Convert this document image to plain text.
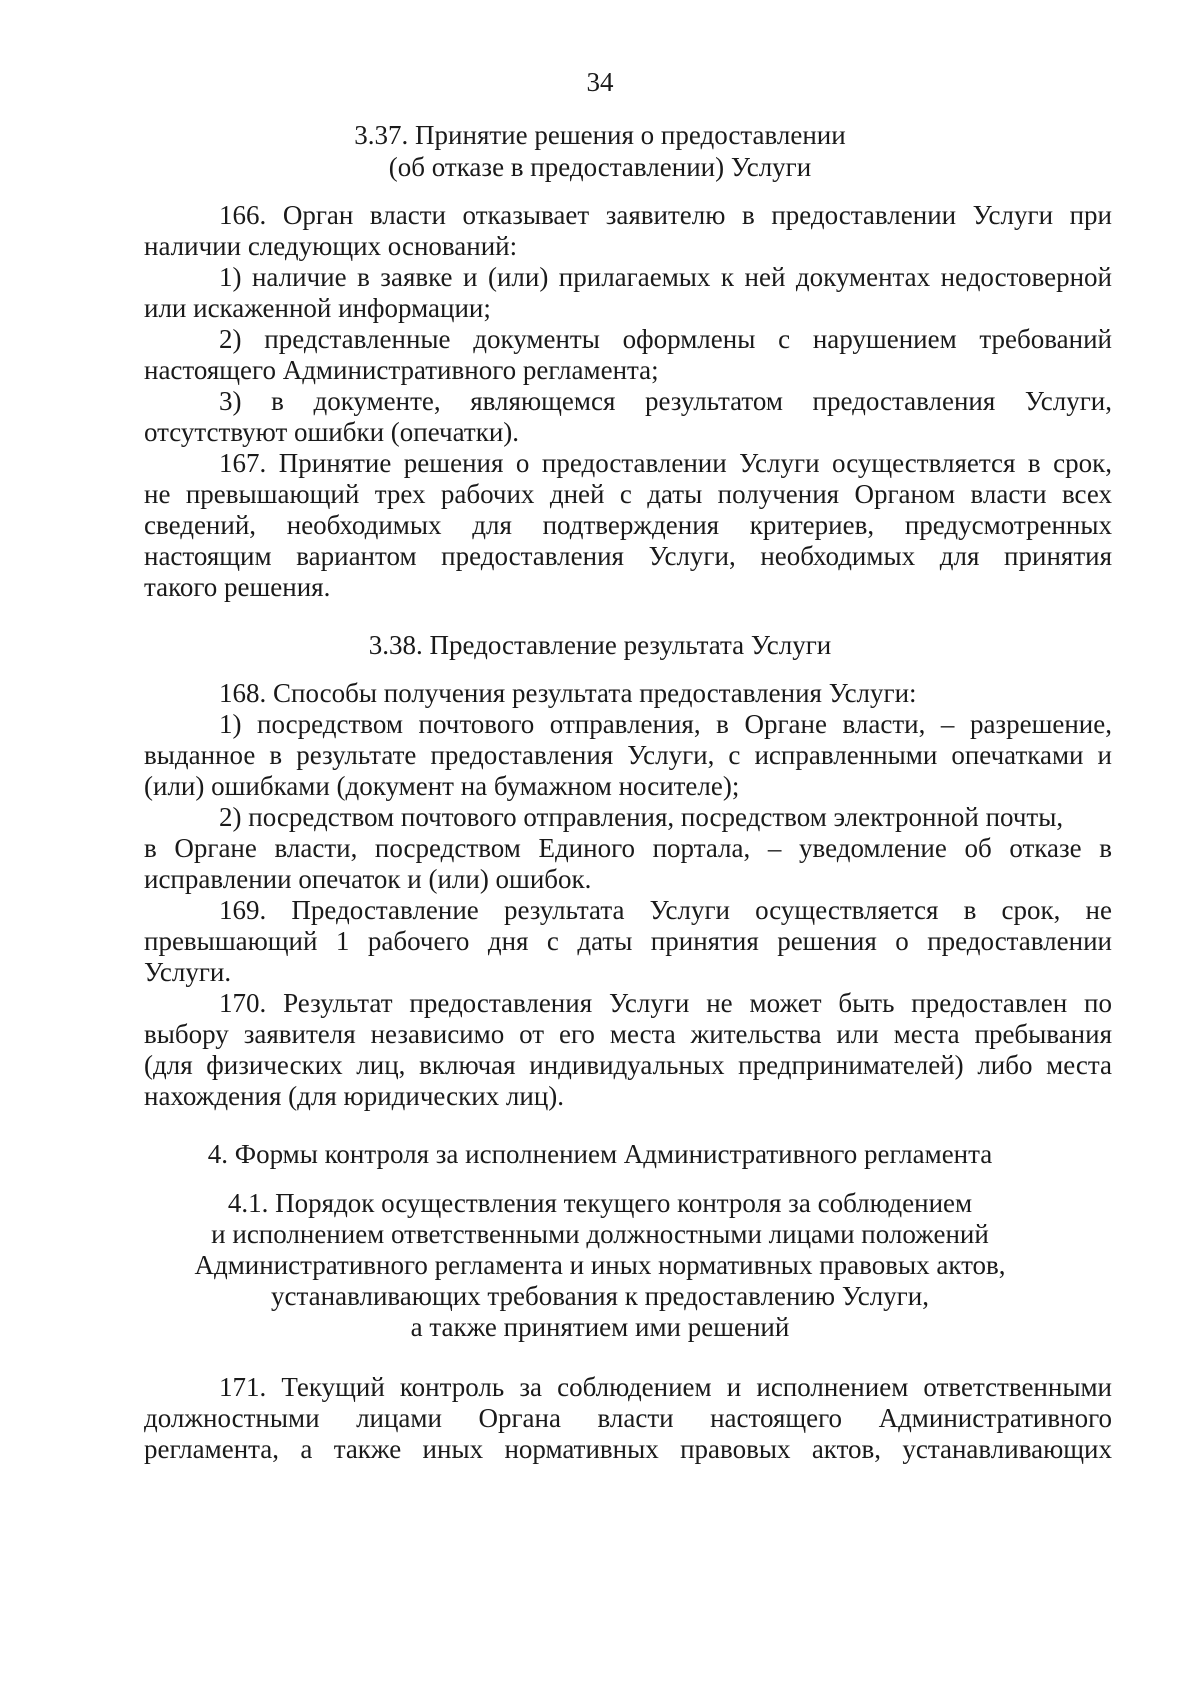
34
3.37. Принятие решения о предоставлении
(об отказе в предоставлении) Услуги
166. Орган власти отказывает заявителю в предоставлении Услуги при
наличии следующих оснований:
1) наличие в заявке и (или) прилагаемых к ней документах недостоверной
или искаженной информации;
2) представленные документы оформлены с нарушением требований
настоящего Административного регламента;
3) в документе, являющемся результатом предоставления Услуги,
отсутствуют ошибки (опечатки).
167. Принятие решения о предоставлении Услуги осуществляется в срок,
не превышающий трех рабочих дней с даты получения Органом власти всех
сведений, необходимых для подтверждения критериев, предусмотренных
настоящим вариантом предоставления Услуги, необходимых для принятия
такого решения.
3.38. Предоставление результата Услуги
168. Способы получения результата предоставления Услуги:
1) посредством почтового отправления, в Органе власти, – разрешение,
выданное в результате предоставления Услуги, с исправленными опечатками и
(или) ошибками (документ на бумажном носителе);
2) посредством почтового отправления, посредством электронной почты,
в Органе власти, посредством Единого портала, – уведомление об отказе в
исправлении опечаток и (или) ошибок.
169. Предоставление результата Услуги осуществляется в срок, не
превышающий 1 рабочего дня с даты принятия решения о предоставлении
Услуги.
170. Результат предоставления Услуги не может быть предоставлен по
выбору заявителя независимо от его места жительства или места пребывания
(для физических лиц, включая индивидуальных предпринимателей) либо места
нахождения (для юридических лиц).
4. Формы контроля за исполнением Административного регламента
4.1. Порядок осуществления текущего контроля за соблюдением
и исполнением ответственными должностными лицами положений
Административного регламента и иных нормативных правовых актов,
устанавливающих требования к предоставлению Услуги,
а также принятием ими решений
171. Текущий контроль за соблюдением и исполнением ответственными
должностными лицами Органа власти настоящего Административного
регламента, а также иных нормативных правовых актов, устанавливающих
